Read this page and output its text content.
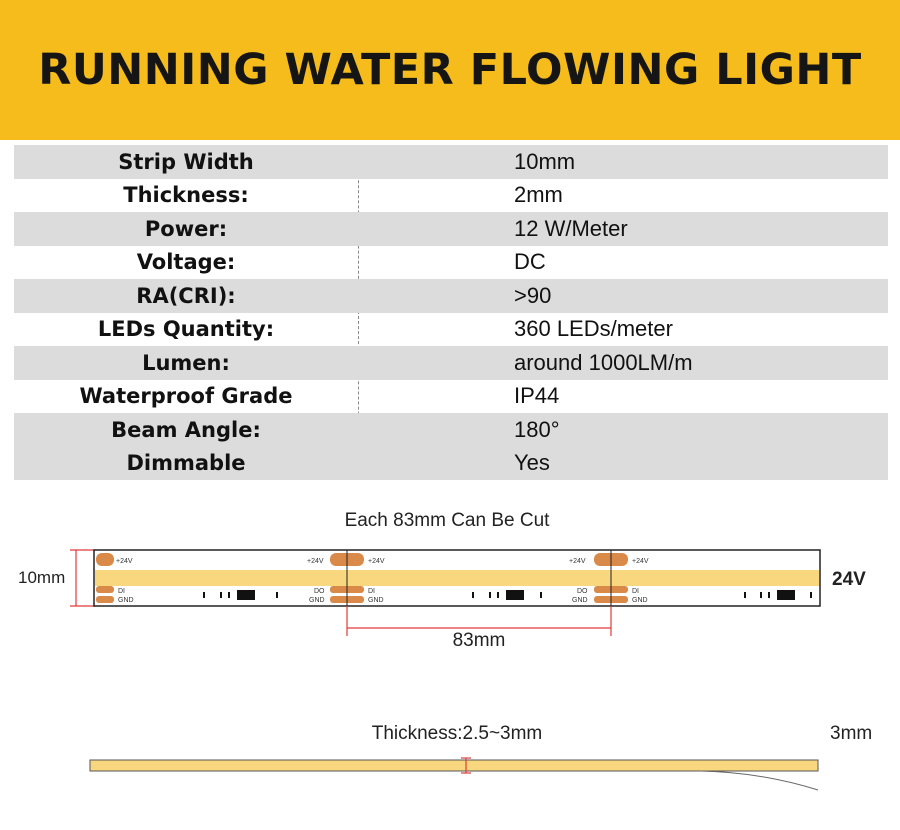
RUNNING WATER FLOWING LIGHT
Strip Width	10mm
Thickness:	2mm
Power:	12 W/Meter
Voltage:	DC
RA(CRI):	>90
LEDs Quantity:	360 LEDs/meter
Lumen:	around 1000LM/m
Waterproof Grade	IP44
Beam Angle:	180°
Dimmable	Yes
Each 83mm Can Be Cut
10mm
+24V
DI
GND
+24V	+24V
DO
GND
DI
GND
+24V	+24V
DO
GND
DI
GND
24V
83mm
Thickness:2.5~3mm	3mm
